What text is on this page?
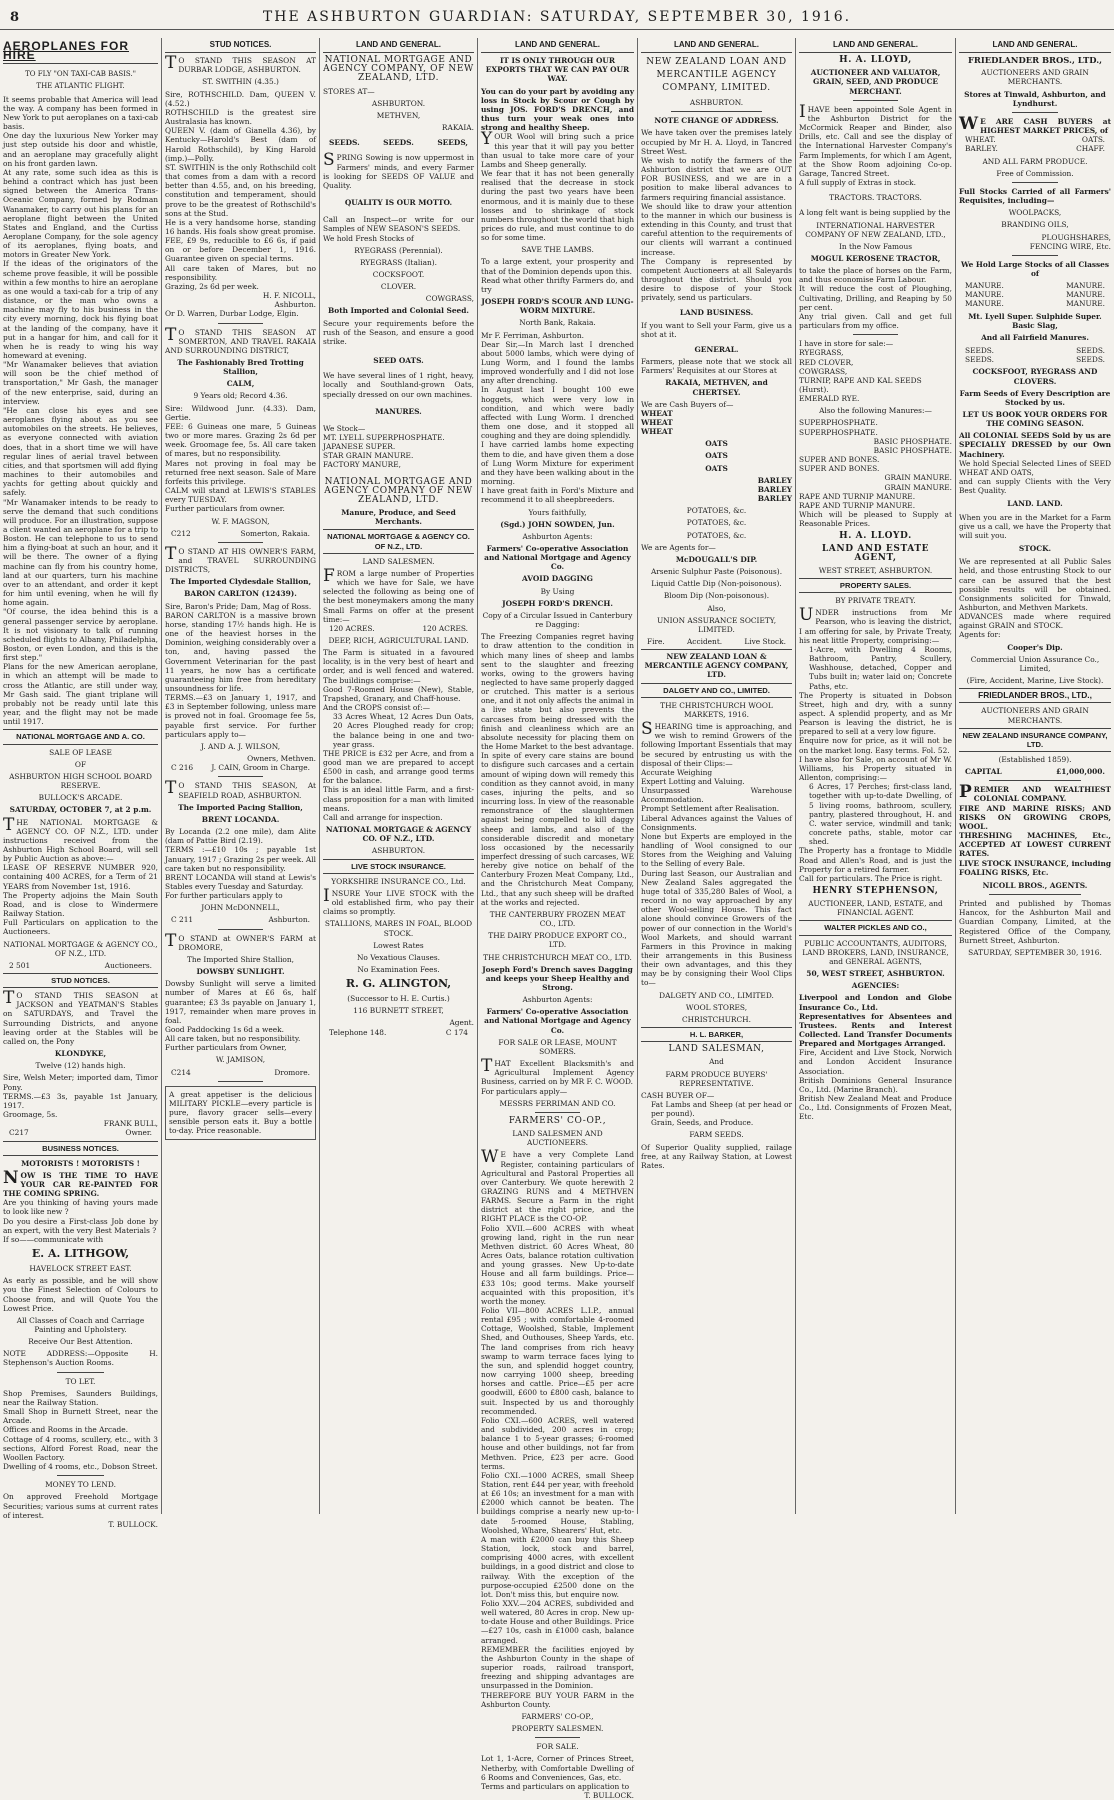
8	THE ASHBURTON GUARDIAN: SATURDAY, SEPTEMBER 30, 1916.
AEROPLANES FOR HIRE
TO FLY "ON TAXI-CAB BASIS."
THE ATLANTIC FLIGHT.

It seems probable that America will lead the way. A company has been formed in New York to put aeroplanes on a taxi-cab basis.

One day the luxurious New Yorker may just step outside his door and whistle, and an aeroplane may gracefully alight on his front garden lawn.

At any rate, some such idea as this is behind a contract which has just been signed between the America Trans-Oceanic Company, formed by Rodman Wanamaker, to carry out his plans for an aeroplane flight between the United States and England, and the Curtiss Aeroplane Company, for the sole agency of its aeroplanes, flying boats, and motors in Greater New York.

If the ideas of the originators of the scheme prove feasible, it will be possible within a few months to hire an aeroplane as one would a taxi-cab for a trip of any distance, or the man who owns a machine may fly to his business in the city every morning, dock his flying boat at the landing of the company, have it put in a hangar for him, and call for it when he is ready to wing his way homeward at evening.

"Mr Wanamaker believes that aviation will soon be the chief method of transportation," Mr Gash, the manager of the new enterprise, said, during an interview.

"He can close his eyes and see aeroplanes flying about as you see automobiles on the streets. He believes, as everyone connected with aviation does, that in a short time we will have regular lines of aerial travel between cities, and that sportsmen will add flying machines to their automobiles and yachts for getting about quickly and safely.

"Mr Wanamaker intends to be ready to serve the demand that such conditions will produce. For an illustration, suppose a client wanted an aeroplane for a trip to Boston. He can telephone to us to send him a flying-boat at such an hour, and it will be there. The owner of a flying machine can fly from his country home, land at our quarters, turn his machine over to an attendant, and order it kept for him until evening, when he will fly home again.

"Of course, the idea behind this is a general passenger service by aeroplane. It is not visionary to talk of running scheduled flights to Albany, Philadelphia, Boston, or even London, and this is the first step."

Plans for the new American aeroplane, in which an attempt will be made to cross the Atlantic, are still under way, Mr Gash said. The giant triplane will probably not be ready until late this year, and the flight may not be made until 1917.

NATIONAL MORTGAGE AND A. CO.
SALE OF LEASE
OF
ASHBURTON HIGH SCHOOL BOARD RESERVE.
BULLOCK'S ARCADE.
SATURDAY, OCTOBER 7, at 2 p.m.

THE NATIONAL MORTGAGE & AGENCY CO. OF N.Z., LTD. under instructions received from the Ashburton High School Board, will sell by Public Auction as above:—

LEASE OF RESERVE NUMBER 920, containing 400 ACRES, for a Term of 21 YEARS from November 1st, 1916.

The Property adjoins the Main South Road, and is close to Windermere Railway Station.

Full Particulars on application to the Auctioneers.

NATIONAL MORTGAGE & AGENCY CO., OF N.Z., LTD.
2 501	Auctioneers.
STUD NOTICES.

TO STAND THIS SEASON at JACKSON and YEATMAN'S Stables on SATURDAYS, and Travel the Surrounding Districts, and anyone leaving order at the Stables will be called on, the Pony

KLONDYKE,
Twelve (12) hands high.

Sire, Welsh Meter; imported dam, Timor Pony.

TERMS.—£3 3s, payable 1st January, 1917.

Groomage, 5s.

FRANK BULL,
C217	Owner.
BUSINESS NOTICES.
MOTORISTS ! MOTORISTS !

NOW IS THE TIME TO HAVE YOUR CAR RE-PAINTED FOR THE COMING SPRING.

Are you thinking of having yours made to look like new ?

Do you desire a First-class Job done by an expert, with the very Best Materials ?

If so——communicate with

E. A. LITHGOW,
HAVELOCK STREET EAST.

As early as possible, and he will show you the Finest Selection of Colours to Choose from, and will Quote You the Lowest Price.

All Classes of Coach and Carriage Painting and Upholstery.
Receive Our Best Attention.

NOTE ADDRESS:—Opposite H. Stephenson's Auction Rooms.

TO LET.

Shop Premises, Saunders Buildings, near the Railway Station.

Small Shop in Burnett Street, near the Arcade.

Offices and Rooms in the Arcade.

Cottage of 4 rooms, scullery, etc., with 3 sections, Alford Forest Road, near the Woollen Factory.

Dwelling of 4 rooms, etc., Dobson Street.

MONEY TO LEND.

On approved Freehold Mortgage Securities; various sums at current rates of interest.

T. BULLOCK.
STUD NOTICES.

TO STAND THIS SEASON AT DURBAR LODGE, ASHBURTON.

ST. SWITHIN (4.35.)

Sire, ROTHSCHILD. Dam, QUEEN V. (4.52.)

ROTHSCHILD is the greatest sire Australasia has known.

QUEEN V. (dam of Gianella 4.36), by Kentucky—Harold's Best (dam of Harold Rothschild), by King Harold (imp.)—Polly.

ST. SWITHIN is the only Rothschild colt that comes from a dam with a record better than 4.55, and, on his breeding, constitution and temperament, should prove to be the greatest of Rothschild's sons at the Stud.

He is a very handsome horse, standing 16 hands. His foals show great promise.

FEE, £9 9s, reducible to £6 6s, if paid on or before December 1, 1916. Guarantee given on special terms.

All care taken of Mares, but no responsibility.

Grazing, 2s 6d per week.

H. F. NICOLL,
Ashburton.

Or D. Warren, Durbar Lodge, Elgin.

TO STAND THIS SEASON AT SOMERTON, AND TRAVEL RAKAIA AND SURROUNDING DISTRICT,

The Fashionably Bred Trotting Stallion,
CALM,
9 Years old; Record 4.36.

Sire: Wildwood Junr. (4.33). Dam, Gertie.

FEE: 6 Guineas one mare, 5 Guineas two or more mares. Grazing 2s 6d per week. Groomage fee, 5s. All care taken of mares, but no responsibility.

Mares not proving in foal may be returned free next season. Sale of Mare forfeits this privilege.

CALM will stand at LEWIS'S STABLES every TUESDAY.

Further particulars from owner.

W. F. MAGSON,
C212	Somerton, Rakaia.

TO STAND AT HIS OWNER'S FARM, and TRAVEL SURROUNDING DISTRICTS,

The Imported Clydesdale Stallion,
BARON CARLTON (12439).

Sire, Baron's Pride; Dam, Mag of Ross.

BARON CARLTON is a massive brown horse, standing 17½ hands high. He is one of the heaviest horses in the Dominion, weighing considerably over a ton, and, having passed the Government Veterinarian for the past 11 years, he now has a certificate guaranteeing him free from hereditary unsoundness for life.

TERMS.—£3 on January 1, 1917, and £3 in September following, unless mare is proved not in foal. Groomage fee 5s, payable first service. For further particulars apply to—

J. AND A. J. WILSON,
Owners, Methven.
C 216 J. CAIN, Groom in Charge.

TO STAND THIS SEASON, At SEAFIELD ROAD, ASHBURTON.

The Imported Pacing Stallion,
BRENT LOCANDA.

By Locanda (2.2 one mile), dam Alite (dam of Pattie Bird (2.19).

TERMS :—£10 10s ; payable 1st January, 1917 ; Grazing 2s per week. All care taken but no responsibility.

BRENT LOCANDA will stand at Lewis's Stables every Tuesday and Saturday.

For further particulars apply to

JOHN McDONNELL,
C 211	Ashburton.

TO STAND at OWNER'S FARM at DROMORE,

The Imported Shire Stallion,
DOWSBY SUNLIGHT.

Dowsby Sunlight will serve a limited number of Mares at £6 6s, half guarantee; £3 3s payable on January 1, 1917, remainder when mare proves in foal.

Good Paddocking 1s 6d a week.

All care taken, but no responsibility.

Further particulars from Owner,

W. JAMISON,
C214	Dromore.

A great appetiser is the delicious MILITARY PICKLE—every particle is pure, flavory gracer sells—every sensible person eats it. Buy a bottle to-day. Price reasonable.

LAND AND GENERAL.
NATIONAL MORTGAGE AND AGENCY COMPANY, OF NEW ZEALAND, LTD.

STORES AT—

ASHBURTON.
METHVEN,
RAKAIA.
SEEDS.	SEEDS.	SEEDS,

SPRING Sowing is now uppermost in Farmers' minds, and every Farmer is looking for SEEDS OF VALUE and Quality.

QUALITY IS OUR MOTTO.

Call an Inspect—or write for our Samples of NEW SEASON'S SEEDS.

We hold Fresh Stocks of

RYEGRASS (Perennial).
RYEGRASS (Italian).
COCKSFOOT.
CLOVER.
COWGRASS,
Both Imported and Colonial Seed.

Secure your requirements before the rush of the Season, and ensure a good strike.

SEED OATS.

We have several lines of 1 right, heavy, locally and Southland-grown Oats, specially dressed on our own machines.

MANURES.

We Stock—

MT. LYELL SUPERPHOSPHATE.

JAPANESE SUPER.

STAR GRAIN MANURE.

FACTORY MANURE,

NATIONAL MORTGAGE AND AGENCY COMPANY OF NEW ZEALAND, LTD.
Manure, Produce, and Seed Merchants.
NATIONAL MORTGAGE & AGENCY CO. OF N.Z., LTD.
LAND SALESMEN.

FROM a large number of Properties which we have for Sale, we have selected the following as being one of the best moneymakers among the many Small Farms on offer at the present time:—

120 ACRES.	120 ACRES.
DEEP, RICH, AGRICULTURAL LAND.

The Farm is situated in a favoured locality, is in the very best of heart and order, and is well fenced and watered. The buildings comprise:—

Good 7-Roomed House (New), Stable, Trapshed, Granary, and Chaff-house.

And the CROPS consist of:—

33 Acres Wheat, 12 Acres Dun Oats, 20 Acres Ploughed ready for crop; the balance being in one and two-year grass.

THE PRICE is £32 per Acre, and from a good man we are prepared to accept £500 in cash, and arrange good terms for the balance.

This is an ideal little Farm, and a first-class proposition for a man with limited means.

Call and arrange for inspection.

NATIONAL MORTGAGE & AGENCY CO. OF N.Z., LTD.
ASHBURTON.
LIVE STOCK INSURANCE.
YORKSHIRE INSURANCE CO., Ltd.

INSURE Your LIVE STOCK with the old established firm, who pay their claims so promptly.

STALLIONS, MARES IN FOAL, BLOOD STOCK.
Lowest Rates
No Vexatious Clauses.
No Examination Fees.
R. G. ALINGTON,
(Successor to H. E. Curtis.)
116 BURNETT STREET,
Agent.
Telephone 148.	C 174
LAND AND GENERAL.
IT IS ONLY THROUGH OUR EXPORTS THAT WE CAN PAY OUR WAY.

You can do your part by avoiding any loss in Stock by Scour or Cough by using JOS. FORD'S DRENCH, and thus turn your weak ones into strong and healthy Sheep.

YOUR Wool will bring such a price this year that it will pay you better than usual to take more care of your Lambs and Sheep generally.

We fear that it has not been generally realised that the decrease in stock during the past two years have been enormous, and it is mainly due to these losses and to shrinkage of stock numbers throughout the world that high prices do rule, and must continue to do so for some time.

SAVE THE LAMBS.

To a large extent, your prosperity and that of the Dominion depends upon this.

Read what other thrifty Farmers do, and try

JOSEPH FORD'S SCOUR AND LUNG-WORM MIXTURE.
North Bank, Rakaia.

Mr F. Ferriman, Ashburton.

Dear Sir,—In March last I drenched about 5000 lambs, which were dying of Lung Worm, and I found the lambs improved wonderfully and I did not lose any after drenching.

In August last I bought 100 ewe hoggets, which were very low in condition, and which were badly affected with Lung Worm. I drenched them one dose, and it stopped all coughing and they are doing splendidly.

I have carried lambs home expecting them to die, and have given them a dose of Lung Worm Mixture for experiment and they have been walking about in the morning.

I have great faith in Ford's Mixture and recommend it to all sheepbreeders.

Yours faithfully,
(Sgd.) JOHN SOWDEN, Jun.
Ashburton Agents:
Farmers' Co-operative Association and National Mortgage and Agency Co.
AVOID DAGGING
By Using
JOSEPH FORD'S DRENCH.
Copy of a Circular Issued in Canterbury re Dagging:

The Freezing Companies regret having to draw attention to the condition in which many lines of sheep and lambs sent to the slaughter and freezing works, owing to the growers having neglected to have same properly dagged or crutched. This matter is a serious one, and it not only affects the animal in a live state but also prevents the carcases from being dressed with the finish and cleanliness which are an absolute necessity for placing them on the Home Market to the best advantage. In spite of every care stains are bound to disfigure such carcases and a certain amount of wiping down will remedy this condition as they cannot avoid, in many cases, injuring the pelts, and so incurring loss. In view of the reasonable remonstrance of the slaughtermen against being compelled to kill daggy sheep and lambs, and also of the considerable discredit and monetary loss occasioned by the necessarily imperfect dressing of such carcases, WE hereby give notice on behalf of the Canterbury Frozen Meat Company, Ltd., and the Christchurch Meat Company, Ltd., that any such sheep will be drafted at the works and rejected.

THE CANTERBURY FROZEN MEAT CO., LTD.
THE DAIRY PRODUCE EXPORT CO., LTD.
THE CHRISTCHURCH MEAT CO., LTD.
Joseph Ford's Drench saves Dagging and keeps your Sheep Healthy and Strong.
Ashburton Agents:
Farmers' Co-operative Association and National Mortgage and Agency Co.
FOR SALE OR LEASE, MOUNT SOMERS.

THAT Excellent Blacksmith's and Agricultural Implement Agency Business, carried on by MR F. C. WOOD.

For particulars apply—

MESSRS FERRIMAN AND CO.
FARMERS' CO-OP.,
LAND SALESMEN AND AUCTIONEERS.

WE have a very Complete Land Register, containing particulars of Agricultural and Pastoral Properties all over Canterbury. We quote herewith 2 GRAZING RUNS and 4 METHVEN FARMS. Secure a Farm in the right district at the right price, and the RIGHT PLACE is the CO-OP.

Folio XVII.—600 ACRES with wheat growing land, right in the run near Methven district. 60 Acres Wheat, 80 Acres Oats, balance rotation cultivation and young grasses. New Up-to-date House and all farm buildings. Price—£33 10s; good terms. Make yourself acquainted with this proposition, it's worth the money.

Folio VII—800 ACRES L.I.P., annual rental £95 ; with comfortable 4-roomed Cottage, Woolshed, Stable, Implement Shed, and Outhouses, Sheep Yards, etc. The land comprises from rich heavy swamp to warm terrace faces lying to the sun, and splendid hogget country, now carrying 1000 sheep, breeding horses and cattle. Price—£5 per acre goodwill, £600 to £800 cash, balance to suit. Inspected by us and thoroughly recommended.

Folio CXI.—600 ACRES, well watered and subdivided, 200 acres in crop; balance 1 to 5-year grasses; 6-roomed house and other buildings, not far from Methven. Price, £23 per acre. Good terms.

Folio CXI.—1000 ACRES, small Sheep Station, rent £44 per year, with freehold at £6 10s; an investment for a man with £2000 which cannot be beaten. The buildings comprise a nearly new up-to-date 5-roomed House, Stabling, Woolshed, Whare, Shearers' Hut, etc.

A man with £2000 can buy this Sheep Station, lock, stock and barrel, comprising 4000 acres, with excellent buildings, in a good district and close to railway. With the exception of the purpose-occupied £2500 done on the lot. Don't miss this, but enquire now.

Folio XXV.—204 ACRES, subdivided and well watered, 80 Acres in crop. New up-to-date House and other Buildings. Price—£27 10s, cash in £1000 cash, balance arranged.

REMEMBER the facilities enjoyed by the Ashburton County in the shape of superior roads, railroad transport, freezing and shipping advantages are unsurpassed in the Dominion.

THEREFORE BUY YOUR FARM in the Ashburton County.

FARMERS' CO-OP.,
PROPERTY SALESMEN.
FOR SALE.

Lot 1, 1-Acre, Corner of Princes Street, Netherby, with Comfortable Dwelling of 6 Rooms and Conveniences, Gas, etc.

Terms and particulars on application to

T. BULLOCK.
LAND AND GENERAL.
NEW ZEALAND LOAN AND MERCANTILE AGENCY COMPANY, LIMITED.
ASHBURTON.
NOTE CHANGE OF ADDRESS.

We have taken over the premises lately occupied by Mr H. A. Lloyd, in Tancred Street West.

We wish to notify the farmers of the Ashburton district that we are OUT FOR BUSINESS, and we are in a position to make liberal advances to farmers requiring financial assistance.

We should like to draw your attention to the manner in which our business is extending in this County, and trust that careful attention to the requirements of our clients will warrant a continued increase.

The Company is represented by competent Auctioneers at all Saleyards throughout the district. Should you desire to dispose of your Stock privately, send us particulars.

LAND BUSINESS.

If you want to Sell your Farm, give us a shot at it.

GENERAL.

Farmers, please note that we stock all Farmers' Requisites at our Stores at

RAKAIA, METHVEN, and CHERTSEY.

We are Cash Buyers of—

WHEAT
WHEAT
WHEAT
OATS
OATS
OATS
BARLEY
BARLEY
BARLEY
POTATOES, &c.
POTATOES, &c.
POTATOES, &c.

We are Agents for—

McDOUGALL'S DIP.
Arsenic Sulphur Paste (Poisonous).
Liquid Cattle Dip (Non-poisonous).
Bloom Dip (Non-poisonous).
Also,
UNION ASSURANCE SOCIETY, LIMITED.
Fire.	Accident.	Live Stock.
NEW ZEALAND LOAN & MERCANTILE AGENCY COMPANY, LTD.
DALGETY AND CO., LIMITED.
THE CHRISTCHURCH WOOL MARKETS, 1916.

SHEARING time is approaching, and we wish to remind Growers of the following Important Essentials that may be secured by entrusting us with the disposal of their Clips:—

Accurate Weighing

Expert Lotting and Valuing.

Unsurpassed Warehouse Accommodation.

Prompt Settlement after Realisation.

Liberal Advances against the Values of Consignments.

None but Experts are employed in the handling of Wool consigned to our Stores from the Weighing and Valuing to the Selling of every Bale.

During last Season, our Australian and New Zealand Sales aggregated the huge total of 335,280 Bales of Wool, a record in no way approached by any other Wool-selling House. This fact alone should convince Growers of the power of our connection in the World's Wool Markets, and should warrant Farmers in this Province in making their arrangements in this Business their own advantages, and this they may be by consigning their Wool Clips to—

DALGETY AND CO., LIMITED.
WOOL STORES,
CHRISTCHURCH.
H. L. BARKER,
LAND SALESMAN,
And
FARM PRODUCE BUYERS' REPRESENTATIVE.

CASH BUYER OF—

Fat Lambs and Sheep (at per head or per pound).

Grain, Seeds, and Produce.

FARM SEEDS.

Of Superior Quality supplied, railage free, at any Railway Station, at Lowest Rates.

LAND AND GENERAL.
H. A. LLOYD,
AUCTIONEER AND VALUATOR, GRAIN, SEED, AND PRODUCE MERCHANT.

IHAVE been appointed Sole Agent in the Ashburton District for the McCormick Reaper and Binder, also Drills, etc. Call and see the display of the International Harvester Company's Farm Implements, for which I am Agent, at the Show Room adjoining Co-op. Garage, Tancred Street.

A full supply of Extras in stock.

TRACTORS. TRACTORS.

A long felt want is being supplied by the

INTERNATIONAL HARVESTER COMPANY OF NEW ZEALAND, LTD.,
In the Now Famous
MOGUL KEROSENE TRACTOR,

to take the place of horses on the Farm, and thus economise Farm Labour.

It will reduce the cost of Ploughing, Cultivating, Drilling, and Reaping by 50 per cent.

Any trial given. Call and get full particulars from my office.

I have in store for sale:—

RYEGRASS,
RED CLOVER,
COWGRASS,
TURNIP, RAPE AND KAL SEEDS (Hurst).
EMERALD RYE.
Also the following Manures:—
SUPERPHOSPHATE.
SUPERPHOSPHATE.
BASIC PHOSPHATE.
BASIC PHOSPHATE.
SUPER AND BONES.
SUPER AND BONES.
GRAIN MANURE.
GRAIN MANURE.
RAPE AND TURNIP MANURE.
RAPE AND TURNIP MANURE.

Which will be pleased to Supply at Reasonable Prices.

H. A. LLOYD.
LAND AND ESTATE AGENT,
WEST STREET, ASHBURTON.
PROPERTY SALES.
BY PRIVATE TREATY.

UNDER instructions from Mr Pearson, who is leaving the district, I am offering for sale, by Private Treaty, his neat little Property, comprising:—

1-Acre, with Dwelling 4 Rooms, Bathroom, Pantry, Scullery, Washhouse, detached, Copper and Tubs built in; water laid on; Concrete Paths, etc.

The Property is situated in Dobson Street, high and dry, with a sunny aspect. A splendid property, and as Mr Pearson is leaving the district, he is prepared to sell at a very low figure.

Enquire now for price, as it will not be on the market long. Easy terms. Fol. 52.

I have also for Sale, on account of Mr W. Williams, his Property situated in Allenton, comprising:—

6 Acres, 17 Perches; first-class land, together with up-to-date Dwelling, of 5 living rooms, bathroom, scullery, pantry, plastered throughout, H. and C. water service, windmill and tank; concrete paths, stable, motor car shed.

The Property has a frontage to Middle Road and Allen's Road, and is just the Property for a retired farmer.

Call for particulars. The Price is right.

HENRY STEPHENSON,
AUCTIONEER, LAND, ESTATE, and FINANCIAL AGENT.
WALTER PICKLES AND CO.,
PUBLIC ACCOUNTANTS, AUDITORS, LAND BROKERS, LAND, INSURANCE, and GENERAL AGENTS,
50, WEST STREET, ASHBURTON.
AGENCIES:

Liverpool and London and Globe Insurance Co., Ltd.

Representatives for Absentees and Trustees. Rents and Interest Collected. Land Transfer Documents Prepared and Mortgages Arranged.

Fire, Accident and Live Stock, Norwich and London Accident Insurance Association.

British Dominions General Insurance Co., Ltd. (Marine Branch).

British New Zealand Meat and Produce Co., Ltd. Consignments of Frozen Meat, Etc.

LAND AND GENERAL.
FRIEDLANDER BROS., LTD.,
AUCTIONEERS AND GRAIN MERCHANTS.
Stores at Tinwald, Ashburton, and Lyndhurst.

WE ARE CASH BUYERS at HIGHEST MARKET PRICES, of

WHEAT.	OATS.
BARLEY.	CHAFF.
AND ALL FARM PRODUCE.
Free of Commission.

Full Stocks Carried of all Farmers' Requisites, including—

WOOLPACKS,
BRANDING OILS,
PLOUGHSHARES,
FENCING WIRE, Etc.
We Hold Large Stocks of all Classes of
MANURE.	MANURE.
MANURE.	MANURE.
MANURE.	MANURE.
Mt. Lyell Super. Sulphide Super. Basic Slag,
And all Fairfield Manures.
SEEDS.	SEEDS.
SEEDS.	SEEDS.
COCKSFOOT, RYEGRASS AND CLOVERS.
Farm Seeds of Every Description are Stocked by us.
LET US BOOK YOUR ORDERS FOR THE COMING SEASON.

All COLONIAL SEEDS Sold by us are SPECIALLY DRESSED by our Own Machinery.

We hold Special Selected Lines of SEED WHEAT AND OATS,

and can supply Clients with the Very Best Quality.

LAND. LAND.

When you are in the Market for a Farm give us a call, we have the Property that will suit you.

STOCK.

We are represented at all Public Sales held, and those entrusting Stock to our care can be assured that the best possible results will be obtained. Consignments solicited for Tinwald, Ashburton, and Methven Markets.

ADVANCES made where required against GRAIN and STOCK.

Agents for:

Cooper's Dip.
Commercial Union Assurance Co., Limited,
(Fire, Accident, Marine, Live Stock).
FRIEDLANDER BROS., LTD.,
AUCTIONEERS AND GRAIN MERCHANTS.
NEW ZEALAND INSURANCE COMPANY, LTD.
(Established 1859).
CAPITAL	£1,000,000.

PREMIER AND WEALTHIEST COLONIAL COMPANY.

FIRE AND MARINE RISKS; AND RISKS ON GROWING CROPS, WOOL.

THRESHING MACHINES, Etc., ACCEPTED AT LOWEST CURRENT RATES.

LIVE STOCK INSURANCE, including FOALING RISKS, Etc.

NICOLL BROS., AGENTS.

Printed and published by Thomas Hancox, for the Ashburton Mail and Guardian Company, Limited, at the Registered Office of the Company, Burnett Street, Ashburton.

SATURDAY, SEPTEMBER 30, 1916.
